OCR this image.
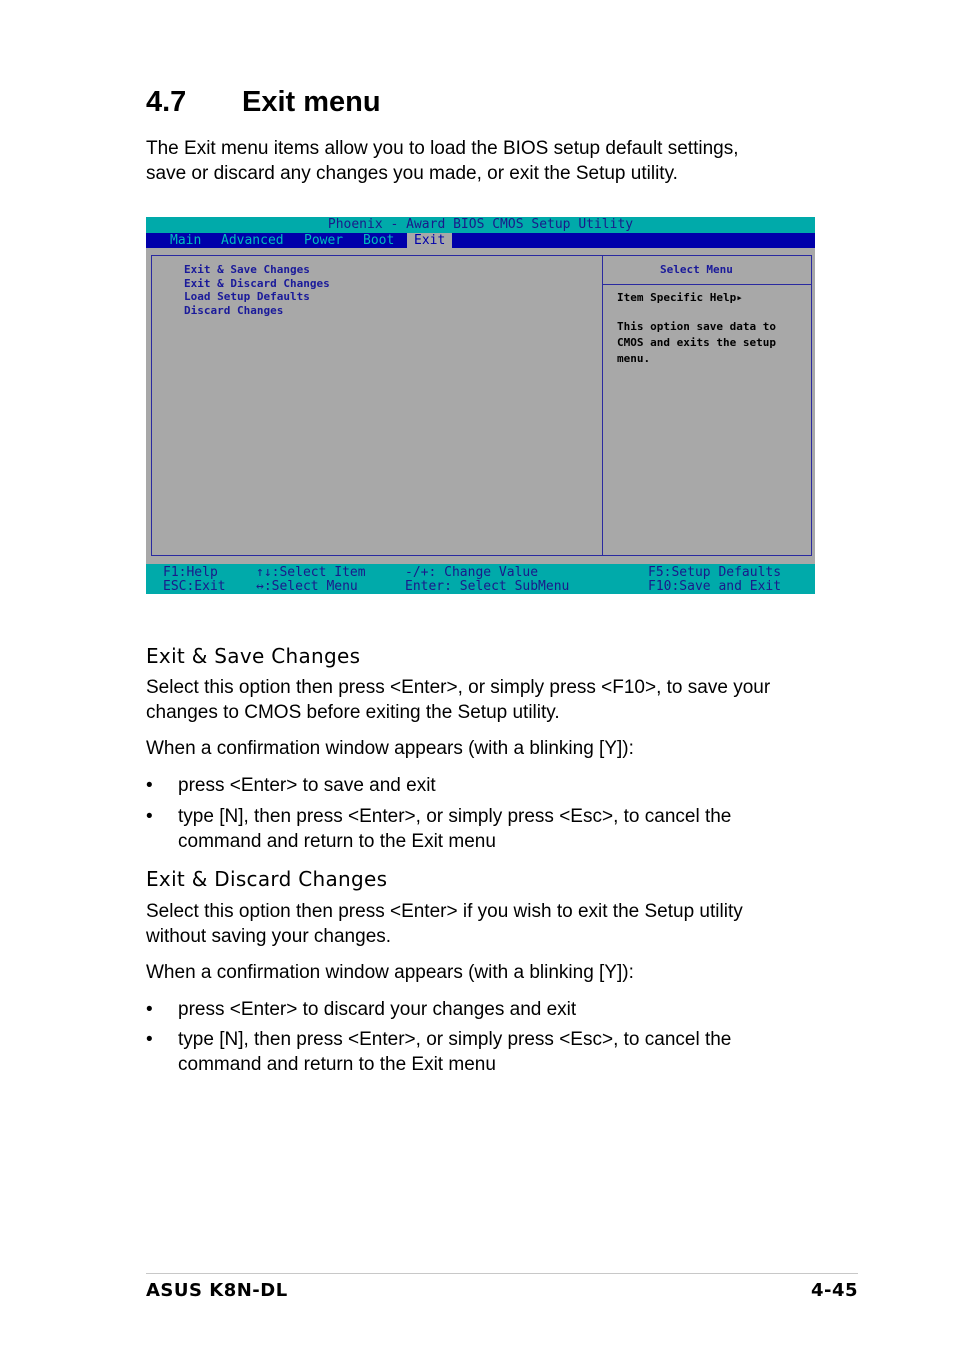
4.7 Exit menu
The Exit menu items allow you to load the BIOS setup default settings,
save or discard any changes you made, or exit the Setup utility.
Phoenix - Award BIOS CMOS Setup Utility
Main Advanced Power Boot	Exit
Exit & Save Changes
Exit & Discard Changes
Load Setup Defaults
Discard Changes
Select Menu
Item Specific Help▸
This option save data to
CMOS and exits the setup
menu.
F1:Help
ESC:Exit
↑↓:Select Item
↔:Select Menu
-/+: Change Value
Enter: Select SubMenu
F5:Setup Defaults
F10:Save and Exit
Exit & Save Changes
Select this option then press <Enter>, or simply press <F10>, to save your
changes to CMOS before exiting the Setup utility.
When a confirmation window appears (with a blinking [Y]):
• press <Enter> to save and exit
• type [N], then press <Enter>, or simply press <Esc>, to cancel the
command and return to the Exit menu
Exit & Discard Changes
Select this option then press <Enter> if you wish to exit the Setup utility
without saving your changes.
When a confirmation window appears (with a blinking [Y]):
• press <Enter> to discard your changes and exit
• type [N], then press <Enter>, or simply press <Esc>, to cancel the
command and return to the Exit menu
ASUS K8N-DL	4-45
